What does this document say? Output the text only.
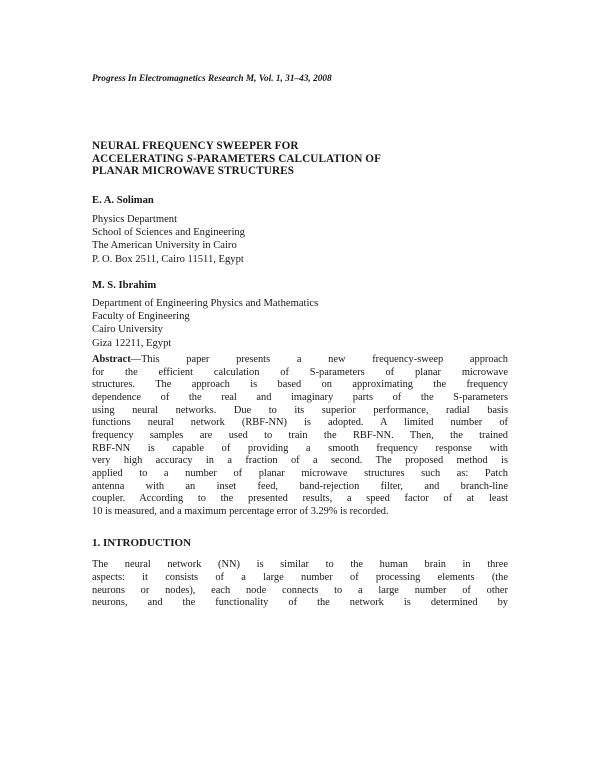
Progress In Electromagnetics Research M, Vol. 1, 31–43, 2008
NEURAL FREQUENCY SWEEPER FOR
ACCELERATING S-PARAMETERS CALCULATION OF
PLANAR MICROWAVE STRUCTURES
E. A. Soliman
Physics Department
School of Sciences and Engineering
The American University in Cairo
P. O. Box 2511, Cairo 11511, Egypt
M. S. Ibrahim
Department of Engineering Physics and Mathematics
Faculty of Engineering
Cairo University
Giza 12211, Egypt
Abstract—This paper presents a new frequency-sweep approach
for the efficient calculation of S-parameters of planar microwave
structures. The approach is based on approximating the frequency
dependence of the real and imaginary parts of the S-parameters
using neural networks. Due to its superior performance, radial basis
functions neural network (RBF-NN) is adopted. A limited number of
frequency samples are used to train the RBF-NN. Then, the trained
RBF-NN is capable of providing a smooth frequency response with
very high accuracy in a fraction of a second. The proposed method is
applied to a number of planar microwave structures such as: Patch
antenna with an inset feed, band-rejection filter, and branch-line
coupler. According to the presented results, a speed factor of at least
10 is measured, and a maximum percentage error of 3.29% is recorded.
1. INTRODUCTION
The neural network (NN) is similar to the human brain in three
aspects: it consists of a large number of processing elements (the
neurons or nodes), each node connects to a large number of other
neurons, and the functionality of the network is determined by
